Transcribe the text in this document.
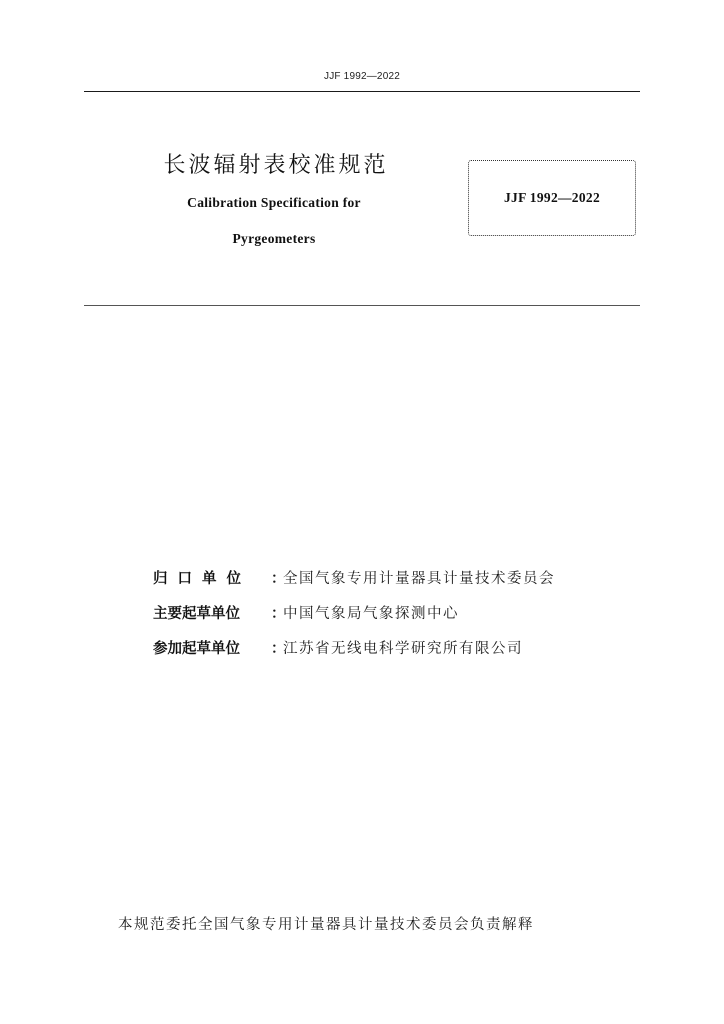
JJF 1992—2022
长波辐射表校准规范
Calibration Specification for
Pyrgeometers
JJF 1992—2022
归口单位 ：全国气象专用计量器具计量技术委员会
主要起草单位 ：中国气象局气象探测中心
参加起草单位 ：江苏省无线电科学研究所有限公司
本规范委托全国气象专用计量器具计量技术委员会负责解释
